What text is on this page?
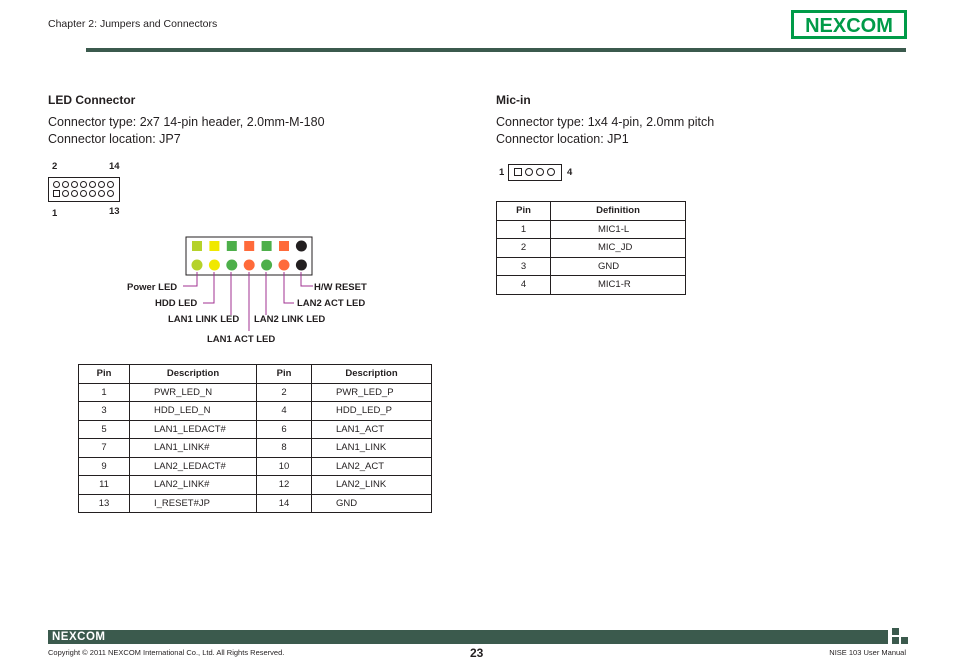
Chapter 2: Jumpers and Connectors	NEXCOM
LED Connector
Connector type: 2x7 14-pin header, 2.0mm-M-180
Connector location: JP7
2	14
1	13
Power LED
HDD LED
LAN1 LINK LED
LAN1 ACT LED
LAN2 LINK LED
LAN2 ACT LED
H/W RESET
Pin	Description	Pin	Description
1	PWR_LED_N	2	PWR_LED_P
3	HDD_LED_N	4	HDD_LED_P
5	LAN1_LEDACT#	6	LAN1_ACT
7	LAN1_LINK#	8	LAN1_LINK
9	LAN2_LEDACT#	10	LAN2_ACT
11	LAN2_LINK#	12	LAN2_LINK
13	I_RESET#JP	14	GND
Mic-in
Connector type: 1x4 4-pin, 2.0mm pitch
Connector location: JP1
1	4
Pin	Definition
1	MIC1-L
2	MIC_JD
3	GND
4	MIC1-R
NEXCOM
Copyright © 2011 NEXCOM International Co., Ltd. All Rights Reserved.	23	NISE 103 User Manual
